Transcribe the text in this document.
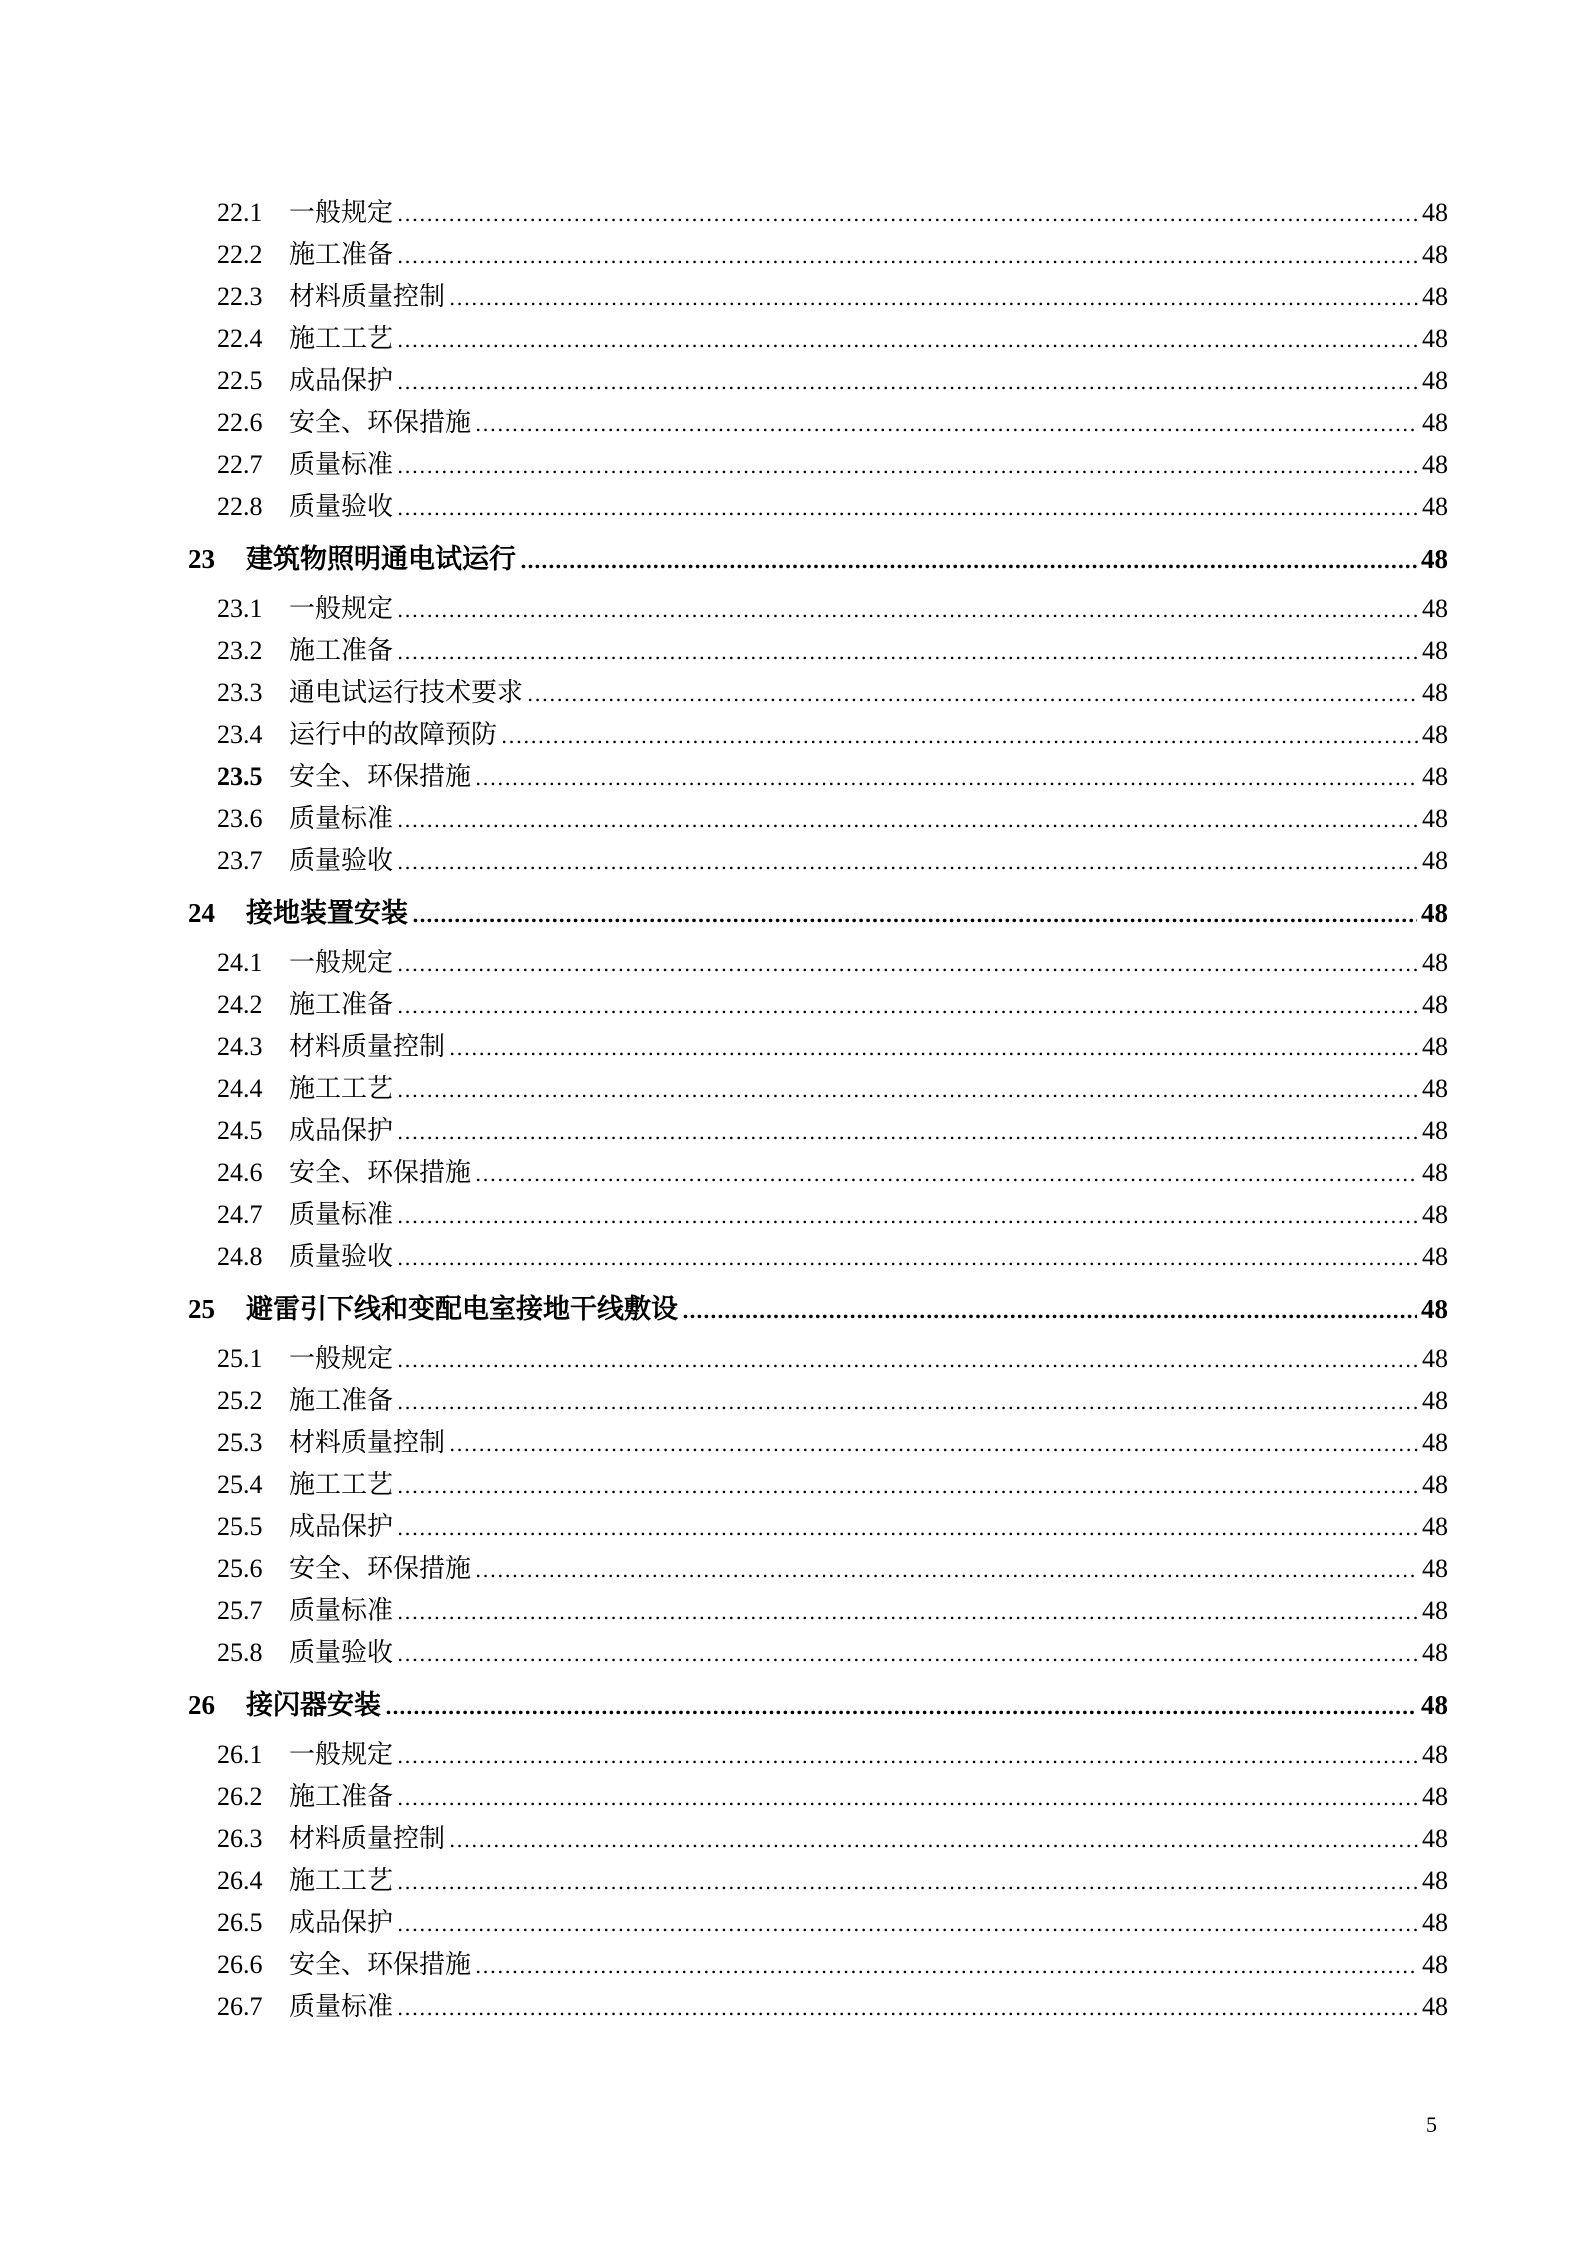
22.1	一般规定 .....	48
22.2	施工准备 .....	48
22.3	材料质量控制 .....	48
22.4	施工工艺 .....	48
22.5	成品保护 .....	48
22.6	安全、环保措施 .....	48
22.7	质量标准 .....	48
22.8	质量验收 .....	48
23	建筑物照明通电试运行 .....	48
23.1	一般规定 .....	48
23.2	施工准备 .....	48
23.3	通电试运行技术要求 .....	48
23.4	运行中的故障预防 .....	48
23.5	安全、环保措施 .....	48
23.6	质量标准 .....	48
23.7	质量验收 .....	48
24	接地装置安装 .....	48
24.1	一般规定 .....	48
24.2	施工准备 .....	48
24.3	材料质量控制 .....	48
24.4	施工工艺 .....	48
24.5	成品保护 .....	48
24.6	安全、环保措施 .....	48
24.7	质量标准 .....	48
24.8	质量验收 .....	48
25	避雷引下线和变配电室接地干线敷设 .....	48
25.1	一般规定 .....	48
25.2	施工准备 .....	48
25.3	材料质量控制 .....	48
25.4	施工工艺 .....	48
25.5	成品保护 .....	48
25.6	安全、环保措施 .....	48
25.7	质量标准 .....	48
25.8	质量验收 .....	48
26	接闪器安装 .....	48
26.1	一般规定 .....	48
26.2	施工准备 .....	48
26.3	材料质量控制 .....	48
26.4	施工工艺 .....	48
26.5	成品保护 .....	48
26.6	安全、环保措施 .....	48
26.7	质量标准 .....	48
5
